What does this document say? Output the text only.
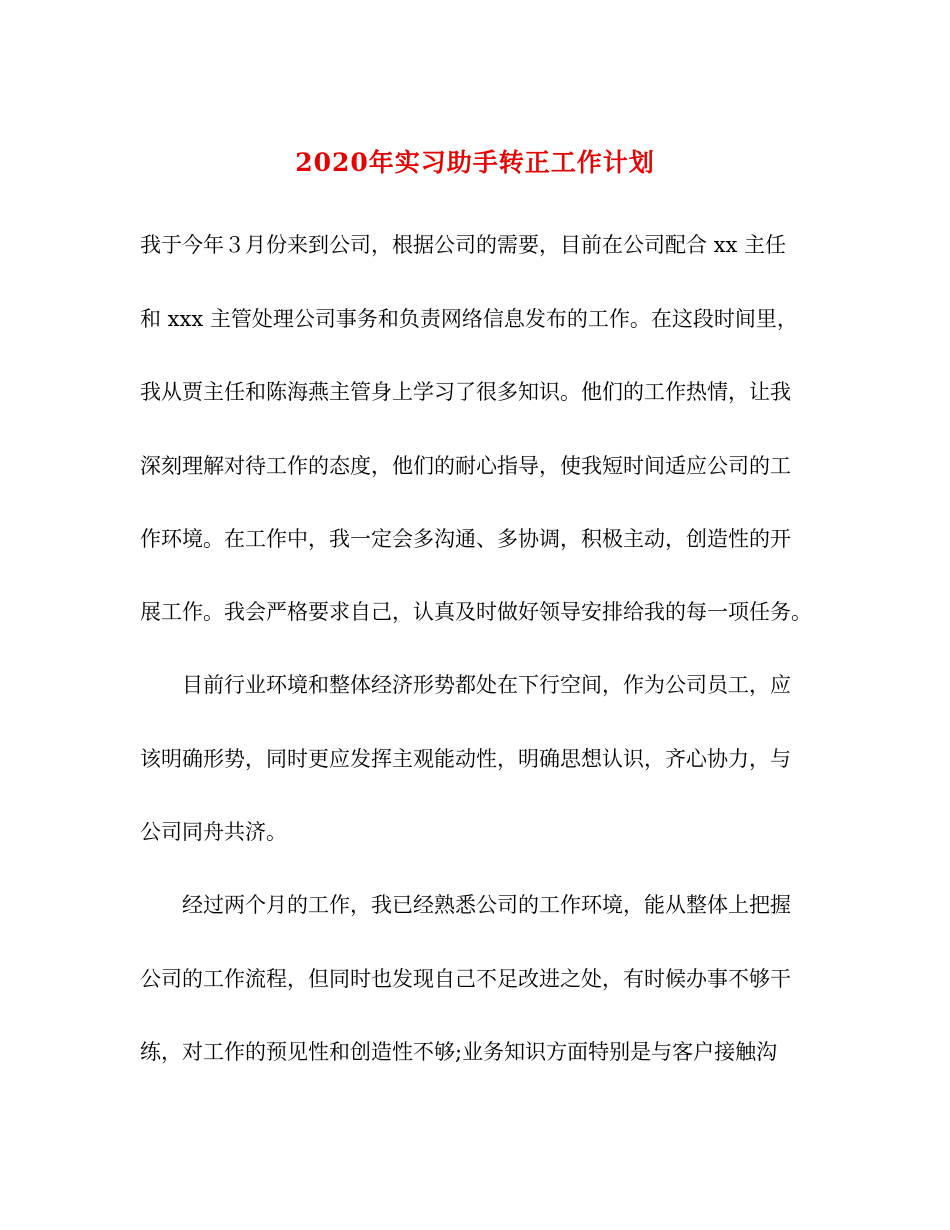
2020年实习助手转正工作计划

我于今年３月份来到公司，根据公司的需要，目前在公司配合 xx 主任

和 xxx 主管处理公司事务和负责网络信息发布的工作。在这段时间里，

我从贾主任和陈海燕主管身上学习了很多知识。他们的工作热情，让我

深刻理解对待工作的态度，他们的耐心指导，使我短时间适应公司的工

作环境。在工作中，我一定会多沟通、多协调，积极主动，创造性的开

展工作。我会严格要求自己，认真及时做好领导安排给我的每一项任务。

目前行业环境和整体经济形势都处在下行空间，作为公司员工，应

该明确形势，同时更应发挥主观能动性，明确思想认识，齐心协力，与

公司同舟共济。

经过两个月的工作，我已经熟悉公司的工作环境，能从整体上把握

公司的工作流程，但同时也发现自己不足改进之处，有时候办事不够干

练，对工作的预见性和创造性不够;业务知识方面特别是与客户接触沟
